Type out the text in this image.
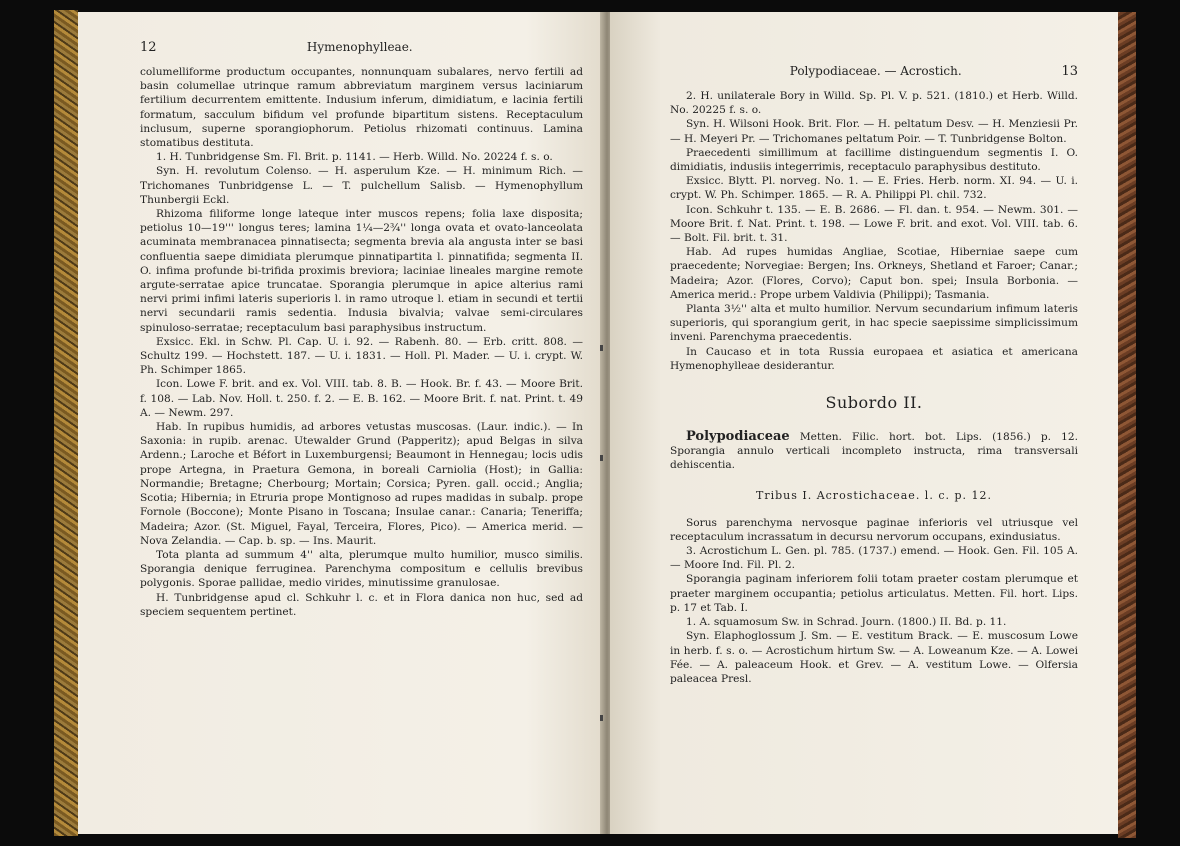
12	Hymenophylleae.

columelliforme productum occupantes, nonnunquam subalares, nervo fertili ad basin columellae utrinque ramum abbreviatum marginem versus laciniarum fertilium decurrentem emittente. Indusium inferum, dimidiatum, e lacinia fertili formatum, sacculum bifidum vel profunde bipartitum sistens. Receptaculum inclusum, superne sporangiophorum. Petiolus rhizomati continuus. Lamina stomatibus destituta.

1. H. Tunbridgense Sm. Fl. Brit. p. 1141. — Herb. Willd. No. 20224 f. s. o.

Syn. H. revolutum Colenso. — H. asperulum Kze. — H. minimum Rich. — Trichomanes Tunbridgense L. — T. pulchellum Salisb. — Hymenophyllum Thunbergii Eckl.

Rhizoma filiforme longe lateque inter muscos repens; folia laxe disposita; petiolus 10—19''' longus teres; lamina 1¼—2¾'' longa ovata et ovato-lanceolata acuminata membranacea pinnatisecta; segmenta brevia ala angusta inter se basi confluentia saepe dimidiata plerumque pinnatipartita l. pinnatifida; segmenta II. O. infima profunde bi-trifida proximis breviora; laciniae lineales margine remote argute-serratae apice truncatae. Sporangia plerumque in apice alterius rami nervi primi infimi lateris superioris l. in ramo utroque l. etiam in secundi et tertii nervi secundarii ramis sedentia. Indusia bivalvia; valvae semi-circulares spinuloso-serratae; receptaculum basi paraphysibus instructum.

Exsicc. Ekl. in Schw. Pl. Cap. U. i. 92. — Rabenh. 80. — Erb. critt. 808. — Schultz 199. — Hochstett. 187. — U. i. 1831. — Holl. Pl. Mader. — U. i. crypt. W. Ph. Schimper 1865.

Icon. Lowe F. brit. and ex. Vol. VIII. tab. 8. B. — Hook. Br. f. 43. — Moore Brit. f. 108. — Lab. Nov. Holl. t. 250. f. 2. — E. B. 162. — Moore Brit. f. nat. Print. t. 49 A. — Newm. 297.

Hab. In rupibus humidis, ad arbores vetustas muscosas. (Laur. indic.). — In Saxonia: in rupib. arenac. Utewalder Grund (Papperitz); apud Belgas in silva Ardenn.; Laroche et Béfort in Luxemburgensi; Beaumont in Hennegau; locis udis prope Artegna, in Praetura Gemona, in boreali Carniolia (Host); in Gallia: Normandie; Bretagne; Cherbourg; Mortain; Corsica; Pyren. gall. occid.; Anglia; Scotia; Hibernia; in Etruria prope Montignoso ad rupes madidas in subalp. prope Fornole (Boccone); Monte Pisano in Toscana; Insulae canar.: Canaria; Teneriffa; Madeira; Azor. (St. Miguel, Fayal, Terceira, Flores, Pico). — America merid. — Nova Zelandia. — Cap. b. sp. — Ins. Maurit.

Tota planta ad summum 4'' alta, plerumque multo humilior, musco similis. Sporangia denique ferruginea. Parenchyma compositum e cellulis brevibus polygonis. Sporae pallidae, medio virides, minutissime granulosae.

H. Tunbridgense apud cl. Schkuhr l. c. et in Flora danica non huc, sed ad speciem sequentem pertinet.

Polypodiaceae. — Acrostich.	13

2. H. unilaterale Bory in Willd. Sp. Pl. V. p. 521. (1810.) et Herb. Willd. No. 20225 f. s. o.

Syn. H. Wilsoni Hook. Brit. Flor. — H. peltatum Desv. — H. Menziesii Pr. — H. Meyeri Pr. — Trichomanes peltatum Poir. — T. Tunbridgense Bolton.

Praecedenti simillimum at facillime distinguendum segmentis I. O. dimidiatis, indusiis integerrimis, receptaculo paraphysibus destituto.

Exsicc. Blytt. Pl. norveg. No. 1. — E. Fries. Herb. norm. XI. 94. — U. i. crypt. W. Ph. Schimper. 1865. — R. A. Philippi Pl. chil. 732.

Icon. Schkuhr t. 135. — E. B. 2686. — Fl. dan. t. 954. — Newm. 301. — Moore Brit. f. Nat. Print. t. 198. — Lowe F. brit. and exot. Vol. VIII. tab. 6. — Bolt. Fil. brit. t. 31.

Hab. Ad rupes humidas Angliae, Scotiae, Hiberniae saepe cum praecedente; Norvegiae: Bergen; Ins. Orkneys, Shetland et Faroer; Canar.; Madeira; Azor. (Flores, Corvo); Caput bon. spei; Insula Borbonia. — America merid.: Prope urbem Valdivia (Philippi); Tasmania.

Planta 3½'' alta et multo humilior. Nervum secundarium infimum lateris superioris, qui sporangium gerit, in hac specie saepissime simplicissimum inveni. Parenchyma praecedentis.

In Caucaso et in tota Russia europaea et asiatica et americana Hymenophylleae desiderantur.

Subordo II.

Polypodiaceae Metten. Filic. hort. bot. Lips. (1856.) p. 12. Sporangia annulo verticali incompleto instructa, rima transversali dehiscentia.

Tribus I. Acrostichaceae. l. c. p. 12.

Sorus parenchyma nervosque paginae inferioris vel utriusque vel receptaculum incrassatum in decursu nervorum occupans, exindusiatus.

3. Acrostichum L. Gen. pl. 785. (1737.) emend. — Hook. Gen. Fil. 105 A. — Moore Ind. Fil. Pl. 2.

Sporangia paginam inferiorem folii totam praeter costam plerumque et praeter marginem occupantia; petiolus articulatus. Metten. Fil. hort. Lips. p. 17 et Tab. I.

1. A. squamosum Sw. in Schrad. Journ. (1800.) II. Bd. p. 11.

Syn. Elaphoglossum J. Sm. — E. vestitum Brack. — E. muscosum Lowe in herb. f. s. o. — Acrostichum hirtum Sw. — A. Loweanum Kze. — A. Lowei Fée. — A. paleaceum Hook. et Grev. — A. vestitum Lowe. — Olfersia paleacea Presl.
